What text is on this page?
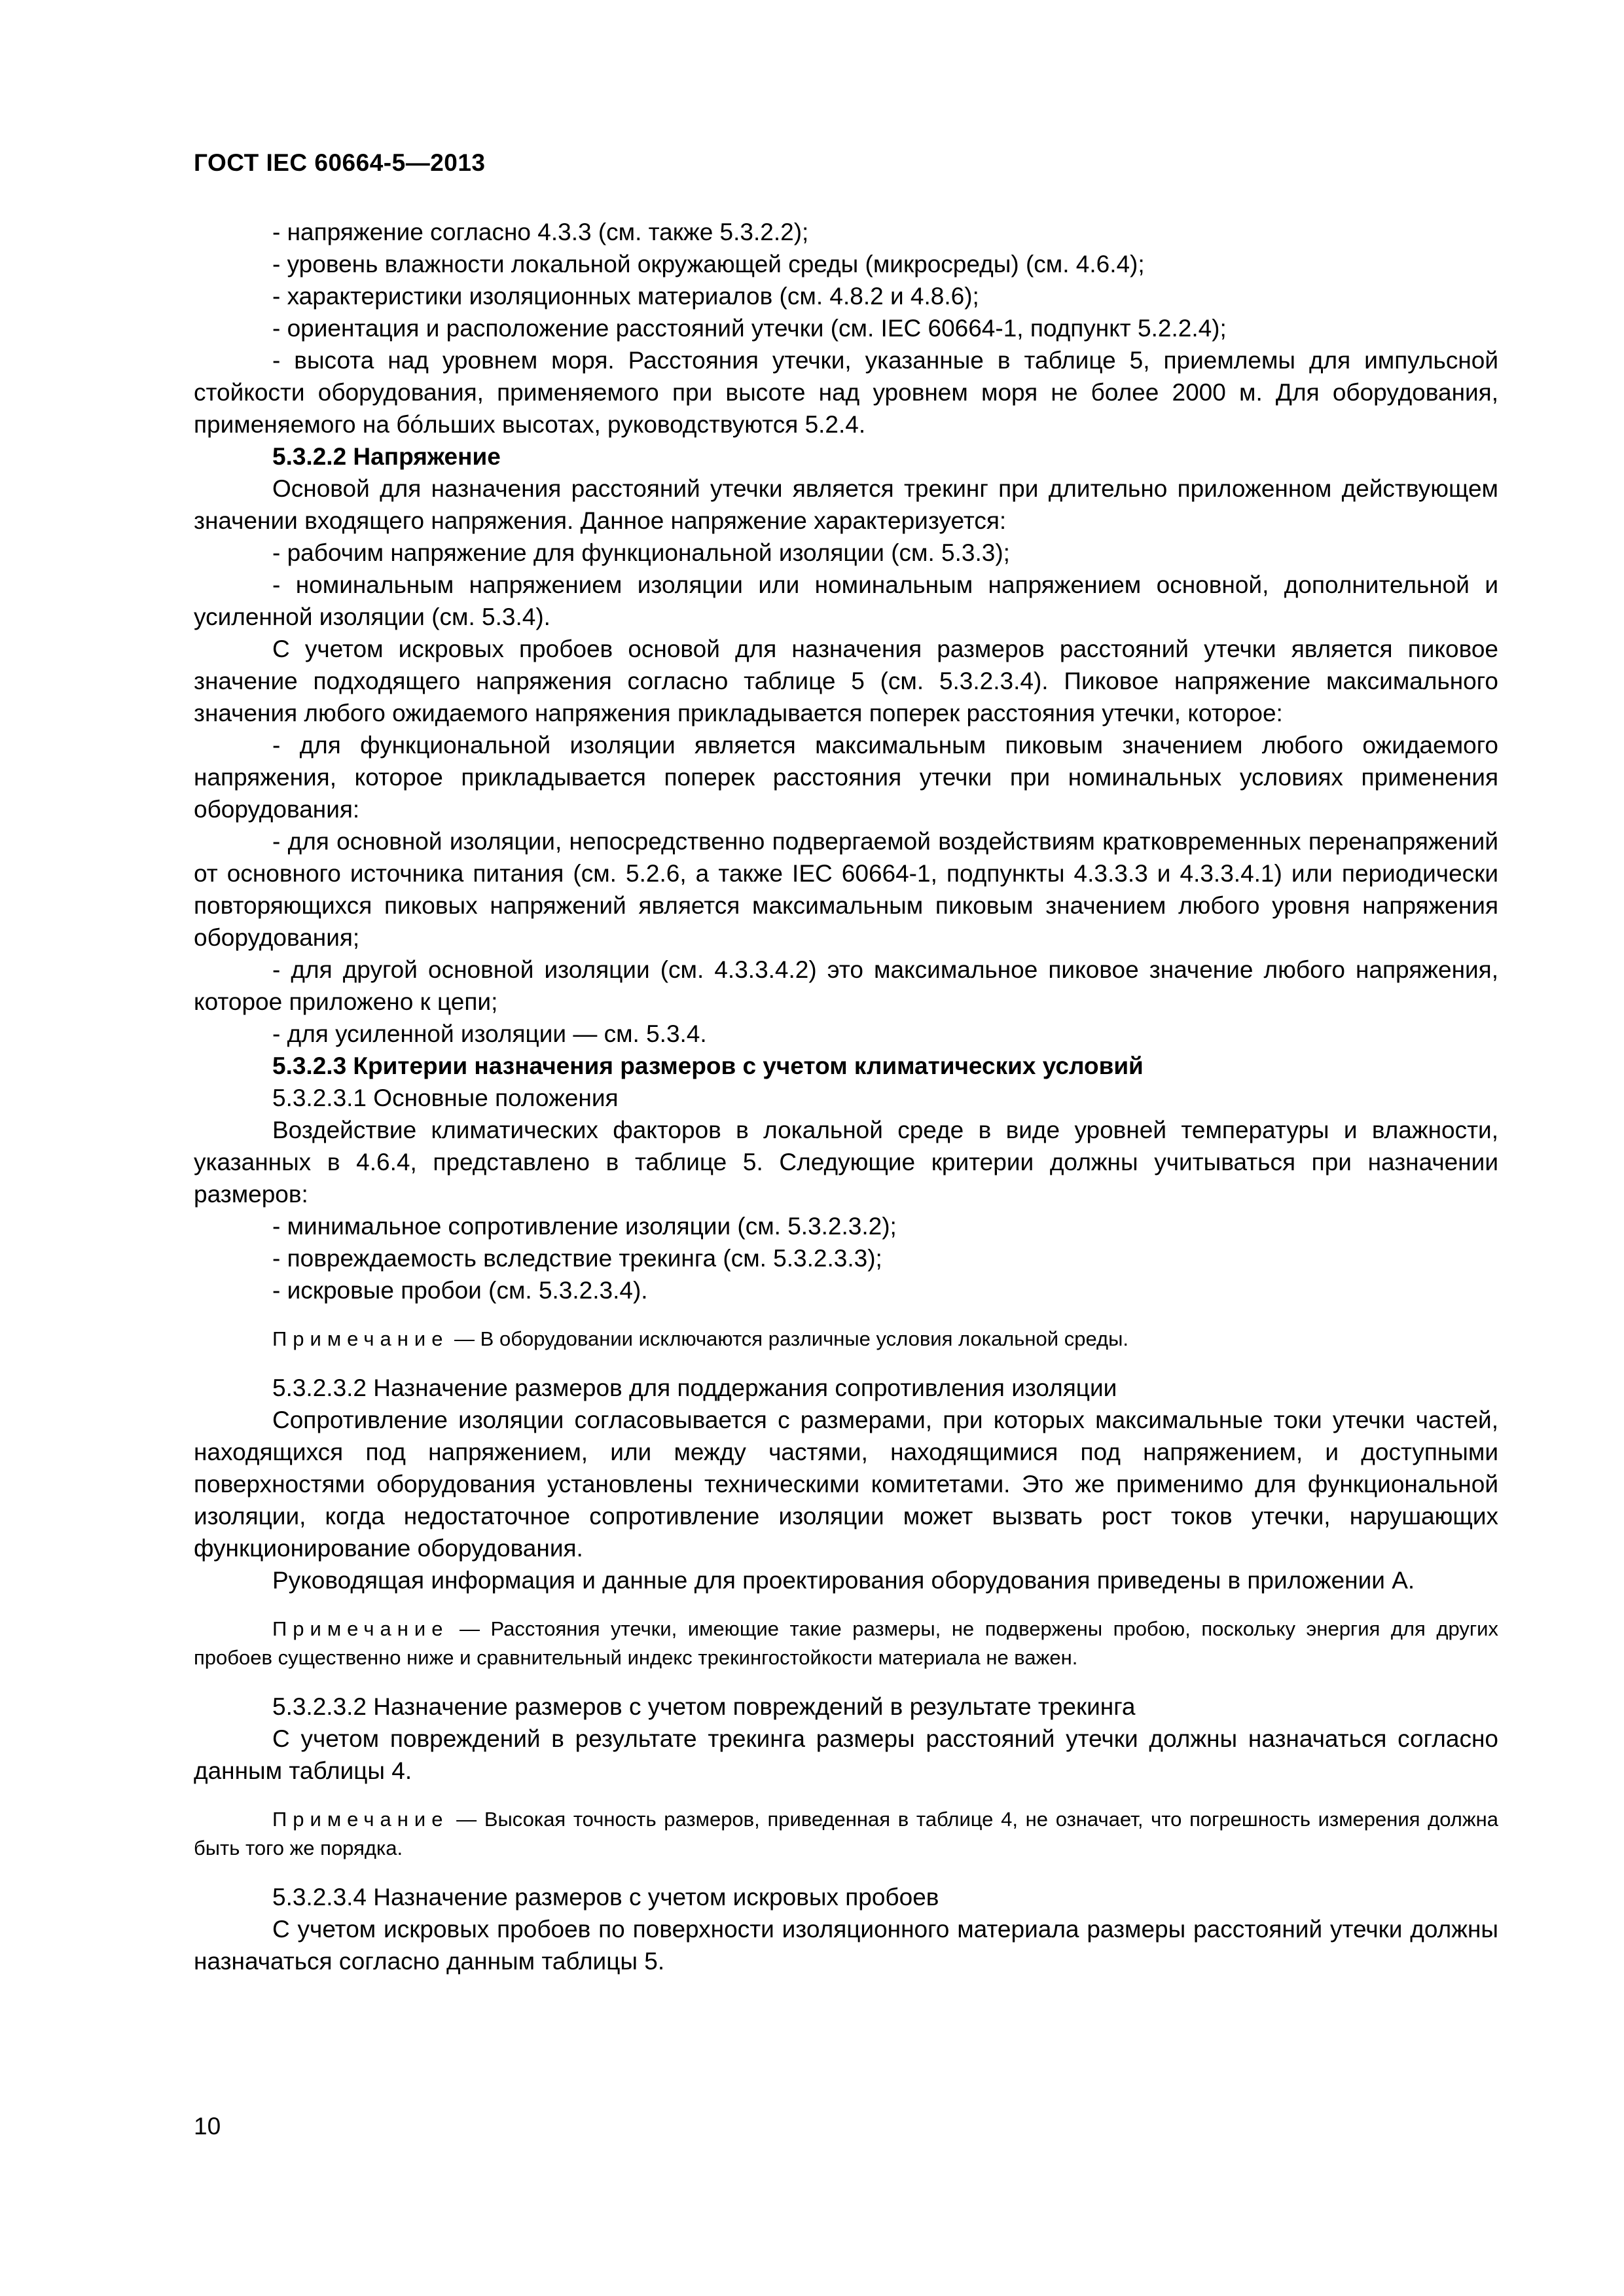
ГОСТ IEC 60664-5—2013

- напряжение согласно 4.3.3 (см. также 5.3.2.2);

- уровень влажности локальной окружающей среды (микросреды) (см. 4.6.4);

- характеристики изоляционных материалов (см. 4.8.2 и 4.8.6);

- ориентация и расположение расстояний утечки (см. IEC 60664-1, подпункт 5.2.2.4);

- высота над уровнем моря. Расстояния утечки, указанные в таблице 5, приемлемы для импульсной стойкости оборудования, применяемого при высоте над уровнем моря не более 2000 м. Для оборудования, применяемого на бóльших высотах, руководствуются 5.2.4.

5.3.2.2 Напряжение

Основой для назначения расстояний утечки является трекинг при длительно приложенном действующем значении входящего напряжения. Данное напряжение характеризуется:

- рабочим напряжение для функциональной изоляции (см. 5.3.3);

- номинальным напряжением изоляции или номинальным напряжением основной, дополнительной и усиленной изоляции (см. 5.3.4).

С учетом искровых пробоев основой для назначения размеров расстояний утечки является пиковое значение подходящего напряжения согласно таблице 5 (см. 5.3.2.3.4). Пиковое напряжение максимального значения любого ожидаемого напряжения прикладывается поперек расстояния утечки, которое:

- для функциональной изоляции является максимальным пиковым значением любого ожидаемого напряжения, которое прикладывается поперек расстояния утечки при номинальных условиях применения оборудования:

- для основной изоляции, непосредственно подвергаемой воздействиям кратковременных перенапряжений от основного источника питания (см. 5.2.6, а также IEC 60664-1, подпункты 4.3.3.3 и 4.3.3.4.1) или периодически повторяющихся пиковых напряжений является максимальным пиковым значением любого уровня напряжения оборудования;

- для другой основной изоляции (см. 4.3.3.4.2) это максимальное пиковое значение любого напряжения, которое приложено к цепи;

- для усиленной изоляции — см. 5.3.4.

5.3.2.3 Критерии назначения размеров с учетом климатических условий

5.3.2.3.1 Основные положения

Воздействие климатических факторов в локальной среде в виде уровней температуры и влажности, указанных в 4.6.4, представлено в таблице 5. Следующие критерии должны учитываться при назначении размеров:

- минимальное сопротивление изоляции (см. 5.3.2.3.2);

- повреждаемость вследствие трекинга (см. 5.3.2.3.3);

- искровые пробои (см. 5.3.2.3.4).

Примечание — В оборудовании исключаются различные условия локальной среды.

5.3.2.3.2 Назначение размеров для поддержания сопротивления изоляции

Сопротивление изоляции согласовывается с размерами, при которых максимальные токи утечки частей, находящихся под напряжением, или между частями, находящимися под напряжением, и доступными поверхностями оборудования установлены техническими комитетами. Это же применимо для функциональной изоляции, когда недостаточное сопротивление изоляции может вызвать рост токов утечки, нарушающих функционирование оборудования.

Руководящая информация и данные для проектирования оборудования приведены в приложении А.

Примечание — Расстояния утечки, имеющие такие размеры, не подвержены пробою, поскольку энергия для других пробоев существенно ниже и сравнительный индекс трекингостойкости материала не важен.

5.3.2.3.2 Назначение размеров с учетом повреждений в результате трекинга

С учетом повреждений в результате трекинга размеры расстояний утечки должны назначаться согласно данным таблицы 4.

Примечание — Высокая точность размеров, приведенная в таблице 4, не означает, что погрешность измерения должна быть того же порядка.

5.3.2.3.4 Назначение размеров с учетом искровых пробоев

С учетом искровых пробоев по поверхности изоляционного материала размеры расстояний утечки должны назначаться согласно данным таблицы 5.

10
